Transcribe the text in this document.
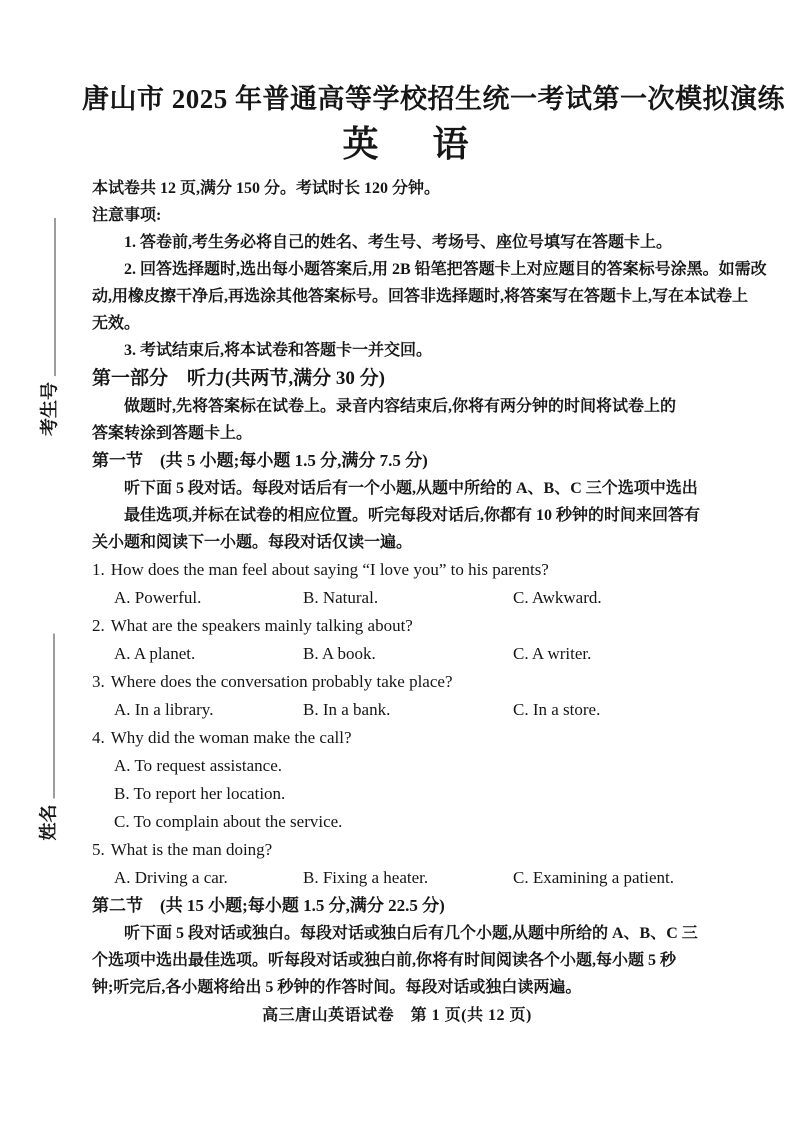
考生号
姓名
唐山市 2025 年普通高等学校招生统一考试第一次模拟演练
英　语
本试卷共 12 页,满分 150 分。考试时长 120 分钟。
注意事项:
1. 答卷前,考生务必将自己的姓名、考生号、考场号、座位号填写在答题卡上。
2. 回答选择题时,选出每小题答案后,用 2B 铅笔把答题卡上对应题目的答案标号涂黑。如需改
动,用橡皮擦干净后,再选涂其他答案标号。回答非选择题时,将答案写在答题卡上,写在本试卷上
无效。
3. 考试结束后,将本试卷和答题卡一并交回。
第一部分　听力(共两节,满分 30 分)
做题时,先将答案标在试卷上。录音内容结束后,你将有两分钟的时间将试卷上的
答案转涂到答题卡上。
第一节　(共 5 小题;每小题 1.5 分,满分 7.5 分)
听下面 5 段对话。每段对话后有一个小题,从题中所给的 A、B、C 三个选项中选出
最佳选项,并标在试卷的相应位置。听完每段对话后,你都有 10 秒钟的时间来回答有
关小题和阅读下一小题。每段对话仅读一遍。
1. How does the man feel about saying “I love you” to his parents?
A. Powerful.	B. Natural.	C. Awkward.
2. What are the speakers mainly talking about?
A. A planet.	B. A book.	C. A writer.
3. Where does the conversation probably take place?
A. In a library.	B. In a bank.	C. In a store.
4. Why did the woman make the call?
A. To request assistance.
B. To report her location.
C. To complain about the service.
5. What is the man doing?
A. Driving a car.	B. Fixing a heater.	C. Examining a patient.
第二节　(共 15 小题;每小题 1.5 分,满分 22.5 分)
听下面 5 段对话或独白。每段对话或独白后有几个小题,从题中所给的 A、B、C 三
个选项中选出最佳选项。听每段对话或独白前,你将有时间阅读各个小题,每小题 5 秒
钟;听完后,各小题将给出 5 秒钟的作答时间。每段对话或独白读两遍。
高三唐山英语试卷　第 1 页(共 12 页)
